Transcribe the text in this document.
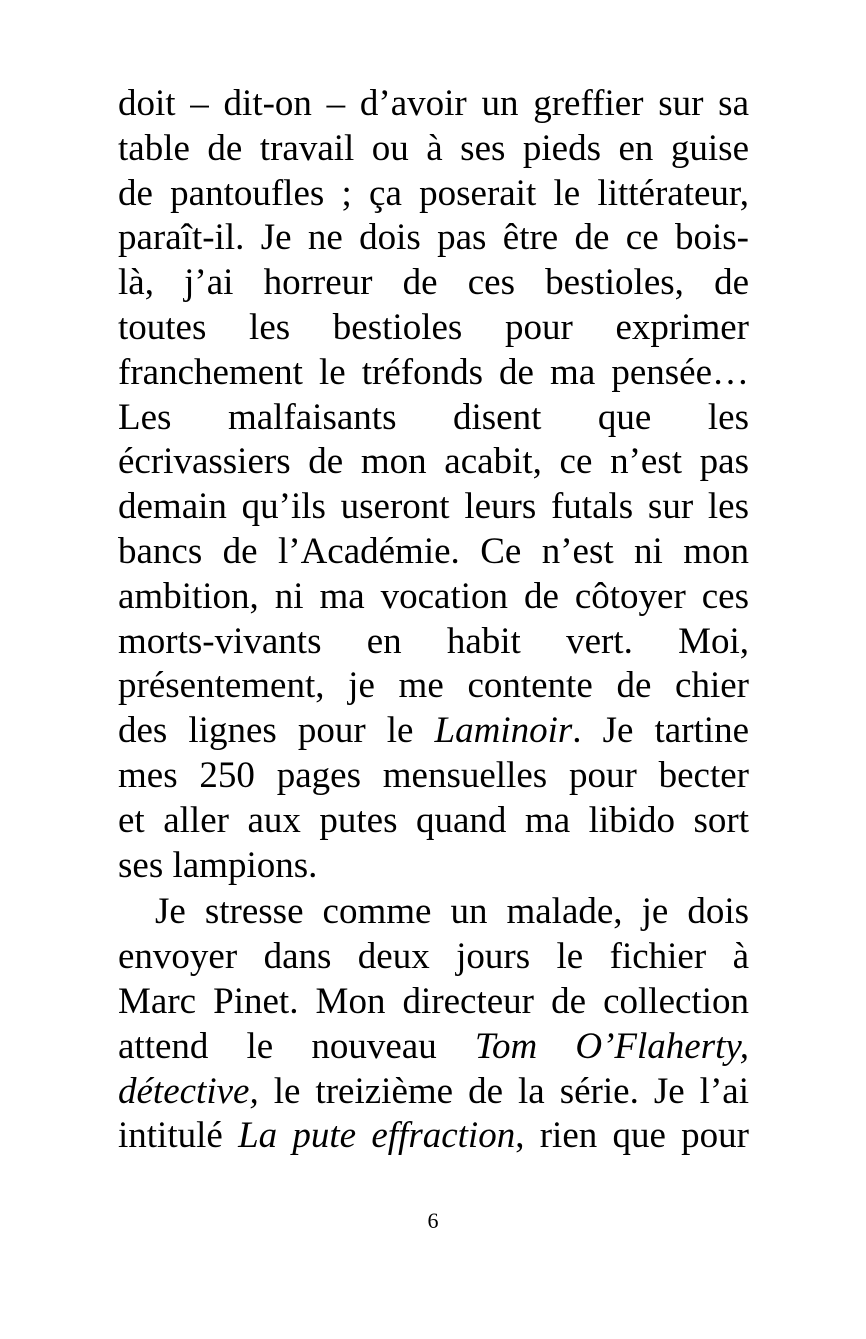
doit – dit-on – d’avoir un greffier sur sa
table de travail ou à ses pieds en guise
de pantoufles ; ça poserait le littérateur,
paraît-il. Je ne dois pas être de ce bois-
là, j’ai horreur de ces bestioles, de
toutes les bestioles pour exprimer
franchement le tréfonds de ma pensée…
Les malfaisants disent que les
écrivassiers de mon acabit, ce n’est pas
demain qu’ils useront leurs futals sur les
bancs de l’Académie. Ce n’est ni mon
ambition, ni ma vocation de côtoyer ces
morts-vivants en habit vert. Moi,
présentement, je me contente de chier
des lignes pour le Laminoir. Je tartine
mes 250 pages mensuelles pour becter
et aller aux putes quand ma libido sort
ses lampions.
Je stresse comme un malade, je dois
envoyer dans deux jours le fichier à
Marc Pinet. Mon directeur de collection
attend le nouveau Tom O’Flaherty,
détective, le treizième de la série. Je l’ai
intitulé La pute effraction, rien que pour
6
